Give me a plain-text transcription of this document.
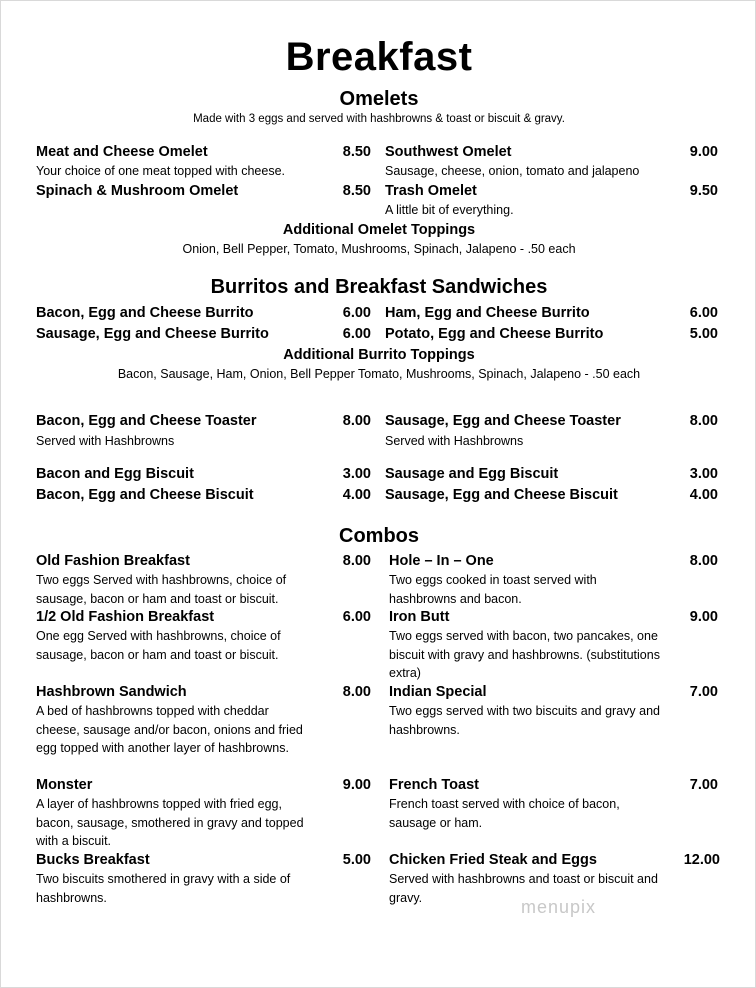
Breakfast
Omelets
Made with 3 eggs and served with hashbrowns & toast or biscuit & gravy.
Meat and Cheese Omelet	8.50
Your choice of one meat topped with cheese.
Southwest Omelet	9.00
Sausage, cheese, onion, tomato and jalapeno
Spinach & Mushroom Omelet	8.50 Trash Omelet	9.50
A little bit of everything.
Additional Omelet Toppings
Onion, Bell Pepper, Tomato, Mushrooms, Spinach, Jalapeno - .50 each
Burritos and Breakfast Sandwiches
Bacon, Egg and Cheese Burrito	6.00 Ham, Egg and Cheese Burrito	6.00
Sausage, Egg and Cheese Burrito	6.00 Potato, Egg and Cheese Burrito	5.00
Additional Burrito Toppings
Bacon, Sausage, Ham, Onion, Bell Pepper Tomato, Mushrooms, Spinach, Jalapeno - .50 each
Bacon, Egg and Cheese Toaster	8.00
Served with Hashbrowns
Sausage, Egg and Cheese Toaster	8.00
Served with Hashbrowns
Bacon and Egg Biscuit	3.00 Sausage and Egg Biscuit	3.00
Bacon, Egg and Cheese Biscuit	4.00 Sausage, Egg and Cheese Biscuit	4.00
Combos
Old Fashion Breakfast	8.00
Two eggs Served with hashbrowns, choice of sausage, bacon or ham and toast or biscuit.
Hole – In – One	8.00
Two eggs cooked in toast served with hashbrowns and bacon.
1/2 Old Fashion Breakfast	6.00
One egg Served with hashbrowns, choice of sausage, bacon or ham and toast or biscuit.
Iron Butt	9.00
Two eggs served with bacon, two pancakes, one biscuit with gravy and hashbrowns. (substitutions extra)
Hashbrown Sandwich	8.00
A bed of hashbrowns topped with cheddar cheese, sausage and/or bacon, onions and fried egg topped with another layer of hashbrowns.
Indian Special	7.00
Two eggs served with two biscuits and gravy and hashbrowns.
Monster	9.00
A layer of hashbrowns topped with fried egg, bacon, sausage, smothered in gravy and topped with a biscuit.
French Toast	7.00
French toast served with choice of bacon, sausage or ham.
Bucks Breakfast	5.00
Two biscuits smothered in gravy with a side of hashbrowns.
Chicken Fried Steak and Eggs	12.00
Served with hashbrowns and toast or biscuit and gravy.	menupix
